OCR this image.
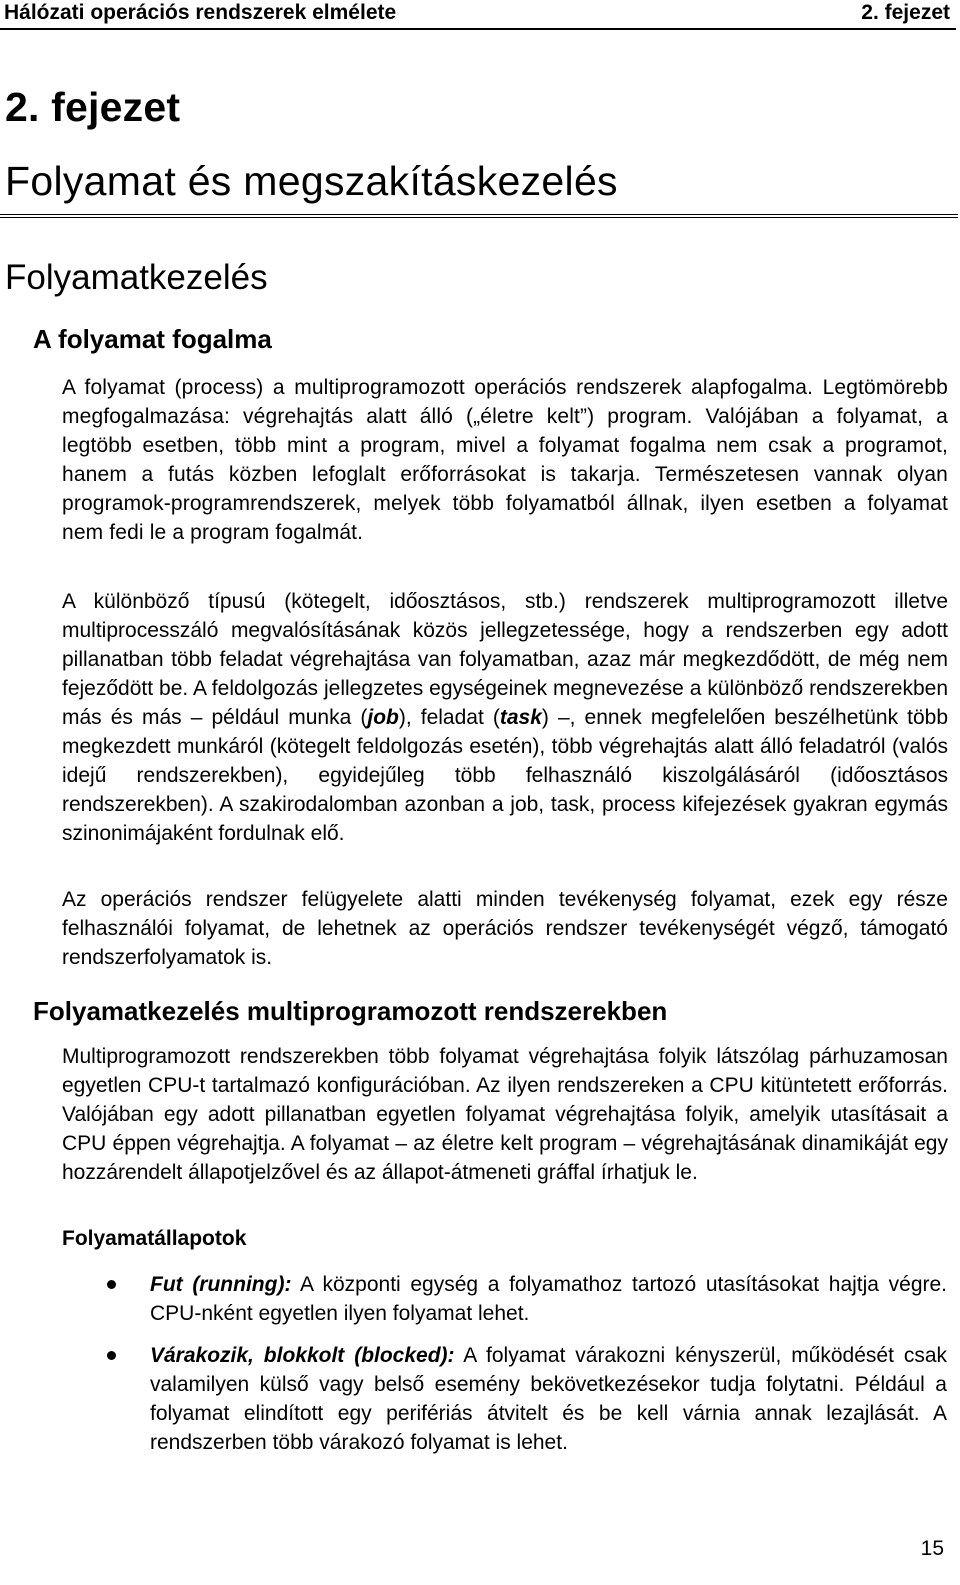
Hálózati operációs rendszerek elmélete	2. fejezet
2. fejezet
Folyamat és megszakításkezelés
Folyamatkezelés
A folyamat fogalma

A folyamat (process) a multiprogramozott operációs rendszerek alapfogalma. Legtömörebb megfogalmazása: végrehajtás alatt álló („életre kelt”) program. Valójában a folyamat, a legtöbb esetben, több mint a program, mivel a folyamat fogalma nem csak a programot, hanem a futás közben lefoglalt erőforrásokat is takarja. Természetesen vannak olyan programok-programrendszerek, melyek több folyamatból állnak, ilyen esetben a folyamat nem fedi le a program fogalmát.

A különböző típusú (kötegelt, időosztásos, stb.) rendszerek multiprogramozott illetve multiprocesszáló megvalósításának közös jellegzetessége, hogy a rendszerben egy adott pillanatban több feladat végrehajtása van folyamatban, azaz már megkezdődött, de még nem fejeződött be. A feldolgozás jellegzetes egységeinek megnevezése a különböző rendszerekben más és más – például munka (job), feladat (task) –, ennek megfelelően beszélhetünk több megkezdett munkáról (kötegelt feldolgozás esetén), több végrehajtás alatt álló feladatról (valós idejű rendszerekben), egyidejűleg több felhasználó kiszolgálásáról (időosztásos rendszerekben). A szakirodalomban azonban a job, task, process kifejezések gyakran egymás szinonimájaként fordulnak elő.

Az operációs rendszer felügyelete alatti minden tevékenység folyamat, ezek egy része felhasználói folyamat, de lehetnek az operációs rendszer tevékenységét végző, támogató rendszerfolyamatok is.

Folyamatkezelés multiprogramozott rendszerekben

Multiprogramozott rendszerekben több folyamat végrehajtása folyik látszólag párhuzamosan egyetlen CPU-t tartalmazó konfigurációban. Az ilyen rendszereken a CPU kitüntetett erőforrás. Valójában egy adott pillanatban egyetlen folyamat végrehajtása folyik, amelyik utasításait a CPU éppen végrehajtja. A folyamat – az életre kelt program – végrehajtásának dinamikáját egy hozzárendelt állapotjelzővel és az állapot-átmeneti gráffal írhatjuk le.

Folyamatállapotok
Fut (running): A központi egység a folyamathoz tartozó utasításokat hajtja végre. CPU-nként egyetlen ilyen folyamat lehet.
Várakozik, blokkolt (blocked): A folyamat várakozni kényszerül, működését csak valamilyen külső vagy belső esemény bekövetkezésekor tudja folytatni. Például a folyamat elindított egy perifériás átvitelt és be kell várnia annak lezajlását. A rendszerben több várakozó folyamat is lehet.
15
